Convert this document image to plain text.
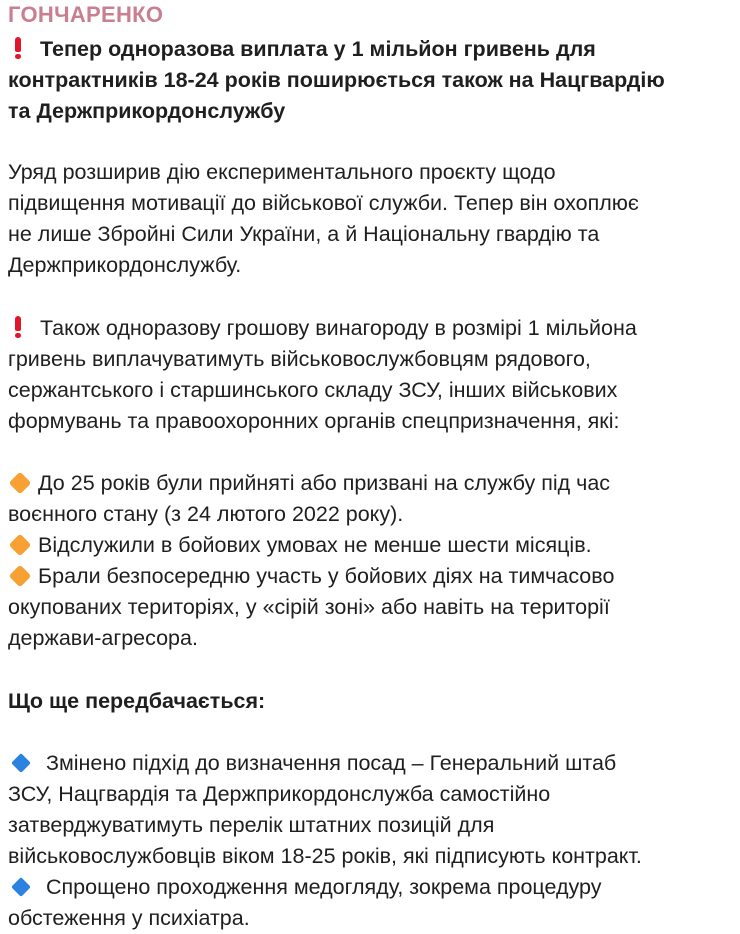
ГОНЧАРЕНКО
Тепер одноразова виплата у 1 мільйон гривень для
контрактників 18-24 років поширюється також на Нацгвардію
та Держприкордонслужбу
Уряд розширив дію експериментального проєкту щодо
підвищення мотивації до військової служби. Тепер він охоплює
не лише Збройні Сили України, а й Національну гвардію та
Держприкордонслужбу.
Також одноразову грошову винагороду в розмірі 1 мільйона
гривень виплачуватимуть військовослужбовцям рядового,
сержантського і старшинського складу ЗСУ, інших військових
формувань та правоохоронних органів спецпризначення, які:
До 25 років були прийняті або призвані на службу під час
воєнного стану (з 24 лютого 2022 року).
Відслужили в бойових умовах не менше шести місяців.
Брали безпосередню участь у бойових діях на тимчасово
окупованих територіях, у «сірій зоні» або навіть на території
держави-агресора.
Що ще передбачається:
Змінено підхід до визначення посад – Генеральний штаб
ЗСУ, Нацгвардія та Держприкордонслужба самостійно
затверджуватимуть перелік штатних позицій для
військовослужбовців віком 18-25 років, які підписують контракт.
Спрощено проходження медогляду, зокрема процедуру
обстеження у психіатра.
